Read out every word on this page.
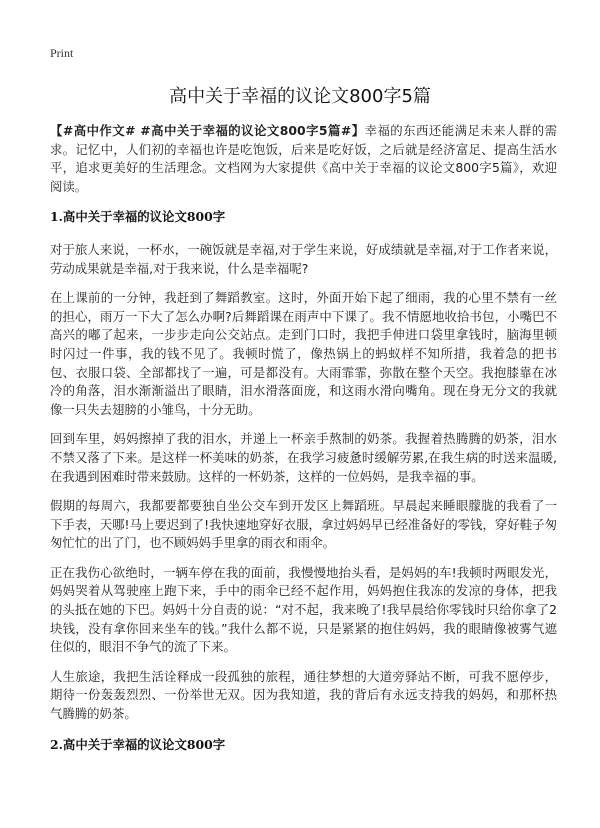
Print
高中关于幸福的议论文800字5篇

【#高中作文# #高中关于幸福的议论文800字5篇#】幸福的东西还能满足未来人群的需求。记忆中，人们初的幸福也许是吃饱饭，后来是吃好饭，之后就是经济富足、提高生活水平，追求更美好的生活理念。文档网为大家提供《高中关于幸福的议论文800字5篇》，欢迎阅读。

1.高中关于幸福的议论文800字

对于旅人来说，一杯水，一碗饭就是幸福,对于学生来说，好成绩就是幸福,对于工作者来说，劳动成果就是幸福,对于我来说，什么是幸福呢?

在上课前的一分钟，我赶到了舞蹈教室。这时，外面开始下起了细雨，我的心里不禁有一丝的担心，雨万一下大了怎么办啊?后舞蹈课在雨声中下课了。我不情愿地收拾书包，小嘴巴不高兴的嘟了起来，一步步走向公交站点。走到门口时，我把手伸进口袋里拿钱时，脑海里顿时闪过一件事，我的钱不见了。我顿时慌了，像热锅上的蚂蚁样不知所措，我着急的把书包、衣服口袋、全部都找了一遍，可是都没有。大雨霏霏，弥散在整个天空。我抱膝靠在冰冷的角落，泪水渐渐溢出了眼睛，泪水滑落面庞，和这雨水滑向嘴角。现在身无分文的我就像一只失去翅膀的小雏鸟，十分无助。

回到车里，妈妈擦掉了我的泪水，并递上一杯亲手熬制的奶茶。我握着热腾腾的奶茶，泪水不禁又落了下来。是这样一杯美味的奶茶，在我学习疲惫时缓解劳累,在我生病的时送来温暖,在我遇到困难时带来鼓励。这样的一杯奶茶，这样的一位妈妈，是我幸福的事。

假期的每周六，我都要都要独自坐公交车到开发区上舞蹈班。早晨起来睡眼朦胧的我看了一下手表，天哪!马上要迟到了!我快速地穿好衣服，拿过妈妈早已经准备好的零钱，穿好鞋子匆匆忙忙的出了门，也不顾妈妈手里拿的雨衣和雨伞。

正在我伤心欲绝时，一辆车停在我的面前，我慢慢地抬头看，是妈妈的车!我顿时两眼发光，妈妈哭着从驾驶座上跑下来，手中的雨伞已经不起作用，妈妈抱住我冻的发凉的身体，把我的头抵在她的下巴。妈妈十分自责的说：“对不起，我来晚了!我早晨给你零钱时只给你拿了2块钱，没有拿你回来坐车的钱。”我什么都不说，只是紧紧的抱住妈妈，我的眼睛像被雾气遮住似的，眼泪不争气的流了下来。

人生旅途，我把生活诠释成一段孤独的旅程，通往梦想的大道旁驿站不断，可我不愿停步，期待一份轰轰烈烈、一份举世无双。因为我知道，我的背后有永远支持我的妈妈，和那杯热气腾腾的奶茶。

2.高中关于幸福的议论文800字
